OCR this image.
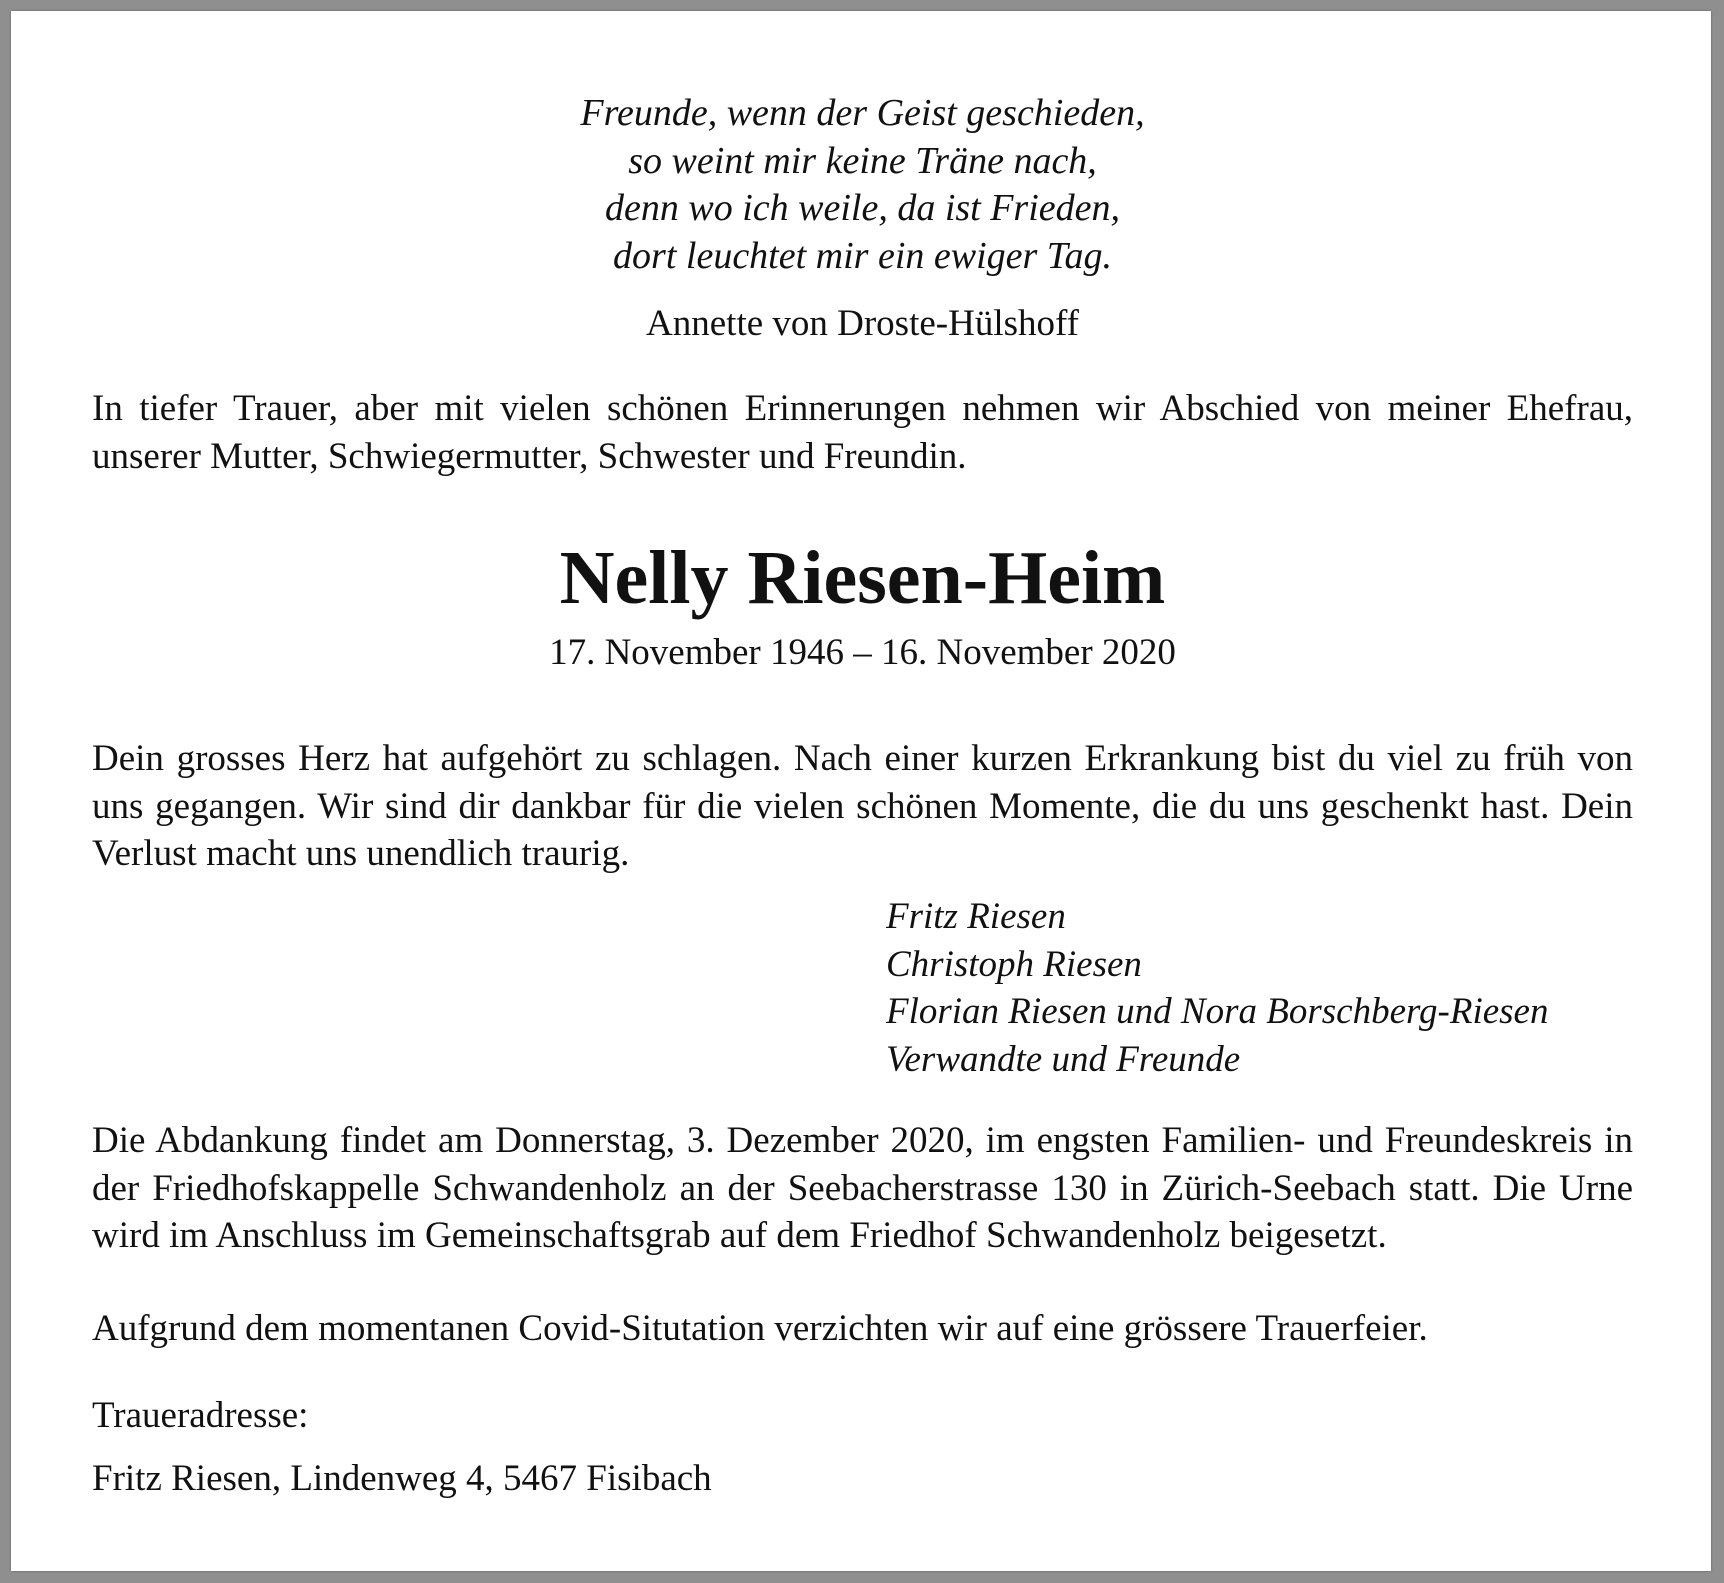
Freunde, wenn der Geist geschieden,
so weint mir keine Träne nach,
denn wo ich weile, da ist Frieden,
dort leuchtet mir ein ewiger Tag.
Annette von Droste-Hülshoff
In tiefer Trauer, aber mit vielen schönen Erinnerungen nehmen wir Abschied von meiner Ehefrau, unserer Mutter, Schwiegermutter, Schwester und Freundin.
Nelly Riesen-Heim
17. November 1946 – 16. November 2020
Dein grosses Herz hat aufgehört zu schlagen. Nach einer kurzen Erkrankung bist du viel zu früh von uns gegangen. Wir sind dir dankbar für die vielen schönen Momente, die du uns geschenkt hast. Dein Verlust macht uns unendlich traurig.
Fritz Riesen
Christoph Riesen
Florian Riesen und Nora Borschberg-Riesen
Verwandte und Freunde
Die Abdankung findet am Donnerstag, 3. Dezember 2020, im engsten Familien- und Freundeskreis in der Friedhofskappelle Schwandenholz an der Seebacherstrasse 130 in Zürich-Seebach statt. Die Urne wird im Anschluss im Gemeinschaftsgrab auf dem Friedhof Schwandenholz beigesetzt.
Aufgrund dem momentanen Covid-Situtation verzichten wir auf eine grössere Trauerfeier.
Traueradresse:
Fritz Riesen, Lindenweg 4, 5467 Fisibach
